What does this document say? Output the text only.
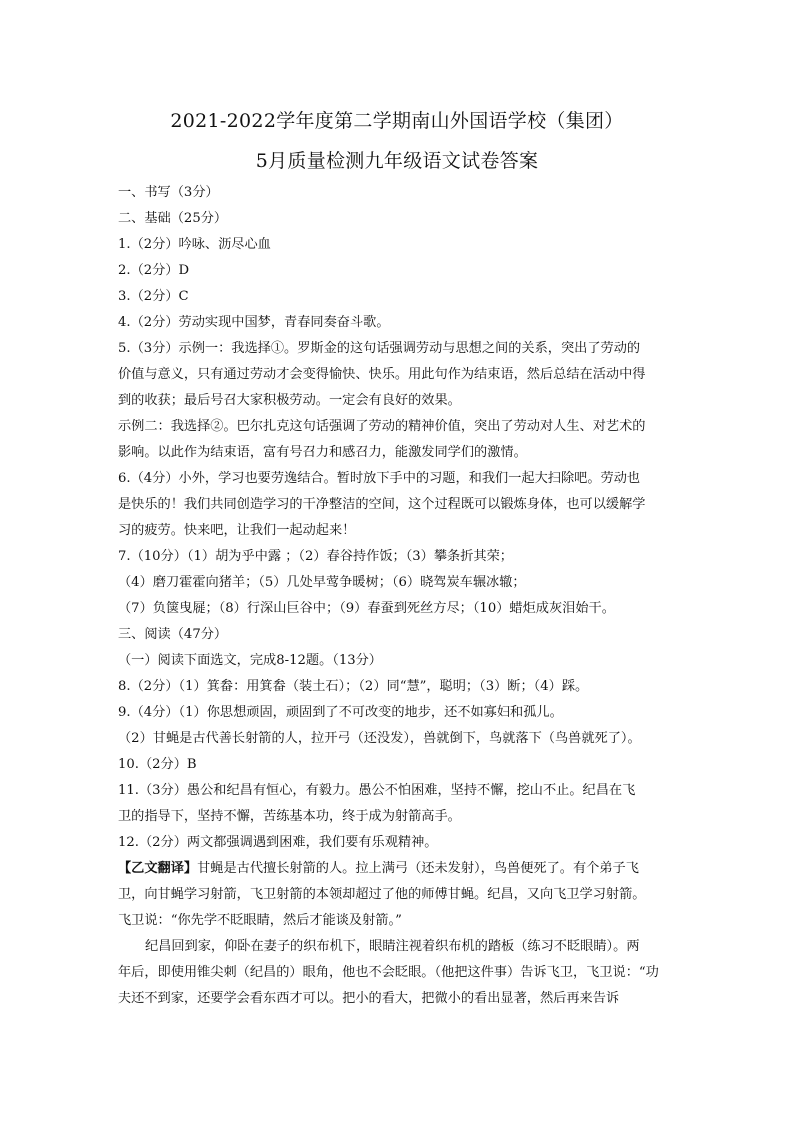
2021-2022学年度第二学期南山外国语学校（集团）
5月质量检测九年级语文试卷答案
一、书写（3分）
二、基础（25分）
1.（2分）吟咏、沥尽心血
2.（2分）D
3.（2分）C
4.（2分）劳动实现中国梦，青春同奏奋斗歌。
5.（3分）示例一：我选择①。罗斯金的这句话强调劳动与思想之间的关系，突出了劳动的
价值与意义，只有通过劳动才会变得愉快、快乐。用此句作为结束语，然后总结在活动中得
到的收获；最后号召大家积极劳动。一定会有良好的效果。
示例二：我选择②。巴尔扎克这句话强调了劳动的精神价值，突出了劳动对人生、对艺术的
影响。以此作为结束语，富有号召力和感召力，能激发同学们的激情。
6.（4分）小外，学习也要劳逸结合。暂时放下手中的习题，和我们一起大扫除吧。劳动也
是快乐的！我们共同创造学习的干净整洁的空间，这个过程既可以锻炼身体，也可以缓解学
习的疲劳。快来吧，让我们一起动起来！
7.（10分）（1）胡为乎中露 ；（2）春谷持作饭；（3）攀条折其荣；
（4）磨刀霍霍向猪羊；（5）几处早莺争暖树；（6）晓驾炭车辗冰辙；
（7）负箧曳屣；（8）行深山巨谷中；（9）春蚕到死丝方尽；（10）蜡炬成灰泪始干。
三、阅读（47分）
（一）阅读下面选文，完成8-12题。（13分）
8.（2分）（1）箕畚：用箕畚（装土石）；（2）同“慧”，聪明；（3）断；（4）踩。
9.（4分）（1）你思想顽固，顽固到了不可改变的地步，还不如寡妇和孤儿。
（2）甘蝇是古代善长射箭的人，拉开弓（还没发），兽就倒下，鸟就落下（鸟兽就死了）。
10.（2分）B
11.（3分）愚公和纪昌有恒心，有毅力。愚公不怕困难，坚持不懈，挖山不止。纪昌在飞
卫的指导下，坚持不懈，苦练基本功，终于成为射箭高手。
12.（2分）两文都强调遇到困难，我们要有乐观精神。
【乙文翻译】甘蝇是古代擅长射箭的人。拉上满弓（还未发射），鸟兽便死了。有个弟子飞
卫，向甘蝇学习射箭，飞卫射箭的本领却超过了他的师傅甘蝇。纪昌，又向飞卫学习射箭。
飞卫说：“你先学不眨眼睛，然后才能谈及射箭。”
纪昌回到家，仰卧在妻子的织布机下，眼睛注视着织布机的踏板（练习不眨眼睛）。两
年后，即使用锥尖刺（纪昌的）眼角，他也不会眨眼。（他把这件事）告诉飞卫，飞卫说：“功
夫还不到家，还要学会看东西才可以。把小的看大，把微小的看出显著，然后再来告诉
